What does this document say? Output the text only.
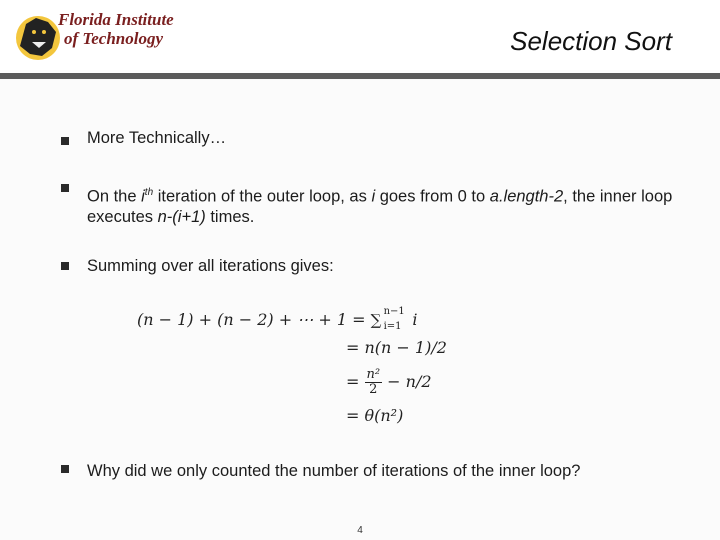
Florida Institute
of Technology	Selection Sort
More Technically…
On the $i^{th}$ iteration of the outer loop, as i goes from 0 to a.length-2, the inner loop executes n-(i+1) times.
Summing over all iterations gives:
(n − 1) + (n − 2) + ⋯ + 1 = ∑ n−1
i=1 i
= n(n − 1)/2
= $\frac{\text{n²}}{2} - n/2$
= θ(n²)
Why did we only counted the number of iterations of the inner loop?
4
